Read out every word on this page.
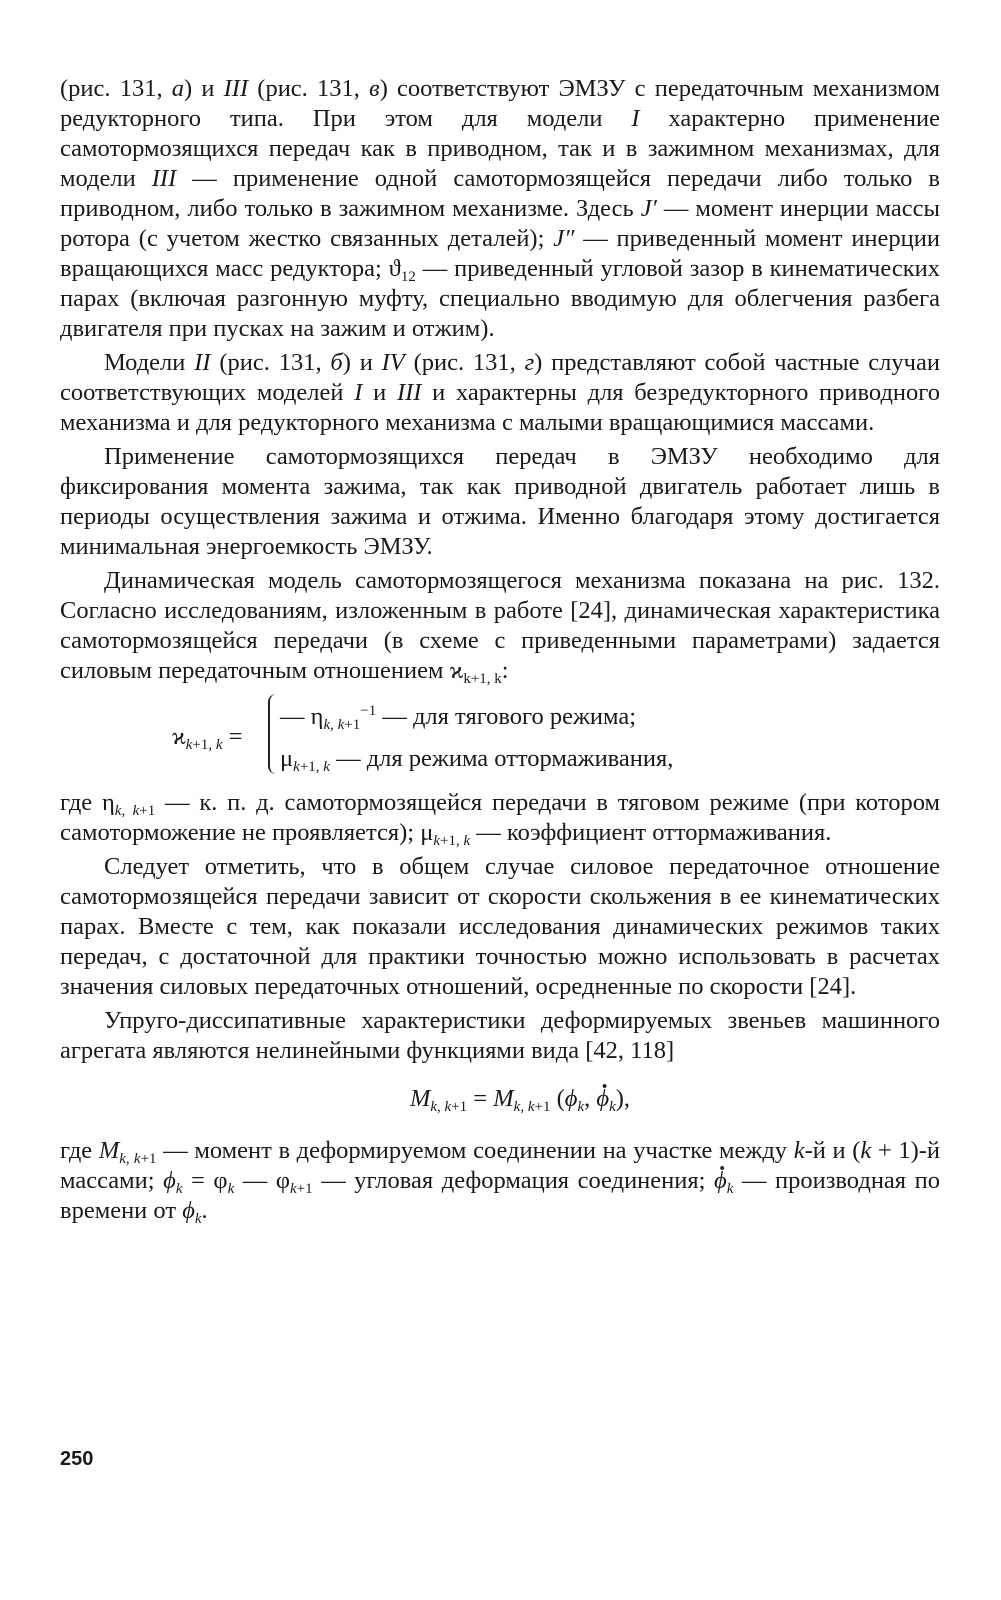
(рис. 131, а) и III (рис. 131, в) соответствуют ЭМЗУ с передаточным механизмом редукторного типа. При этом для модели I характерно применение самотормозящихся передач как в приводном, так и в зажимном механизмах, для модели III — применение одной самотормозящейся передачи либо только в приводном, либо только в зажимном механизме. Здесь J′ — момент инерции массы ротора (с учетом жестко связанных деталей); J″ — приведенный момент инерции вращающихся масс редуктора; $ϑ_{12}$ — приведенный угловой зазор в кинематических парах (включая разгонную муфту, специально вводимую для облегчения разбега двигателя при пусках на зажим и отжим).

Модели II (рис. 131, б) и IV (рис. 131, г) представляют собой частные случаи соответствующих моделей I и III и характерны для безредукторного приводного механизма и для редукторного механизма с малыми вращающимися массами.

Применение самотормозящихся передач в ЭМЗУ необходимо для фиксирования момента зажима, так как приводной двигатель работает лишь в периоды осуществления зажима и отжима. Именно благодаря этому достигается минимальная энергоемкость ЭМЗУ.

Динамическая модель самотормозящегося механизма показана на рис. 132. Согласно исследованиям, изложенным в работе [24], динамическая характеристика самотормозящейся передачи (в схеме с приведенными параметрами) задается силовым передаточным отношением $ϰ_{k+1, k}$:

$ϰ_{k+1, k}$ =
— $\eta_{k, k+1}^{-1}$ — для тягового режима;
$\mu_{k+1, k}$ — для режима оттормаживания,

где $\eta_{k, k+1}$ — к. п. д. самотормозящейся передачи в тяговом режиме (при котором самоторможение не проявляется); $\mu_{k+1, k}$ — коэффициент оттормаживания.

Следует отметить, что в общем случае силовое передаточное отношение самотормозящейся передачи зависит от скорости скольжения в ее кинематических парах. Вместе с тем, как показали исследования динамических режимов таких передач, с достаточной для практики точностью можно использовать в расчетах значения силовых передаточных отношений, осредненные по скорости [24].

Упруго-диссипативные характеристики деформируемых звеньев машинного агрегата являются нелинейными функциями вида [42, 118]

$M_{k, k+1} = M_{k, k+1}$ ($\phi_k$, . $\phi_k$),

где $M_{k, k+1}$ — момент в деформируемом соединении на участке между k-й и (k + 1)-й массами; $\phi_k = \varphi_k$ — $\varphi_{k+1}$ — угловая деформация соединения; . $\phi_k$ — производная по времени от $\phi_k$.

250
